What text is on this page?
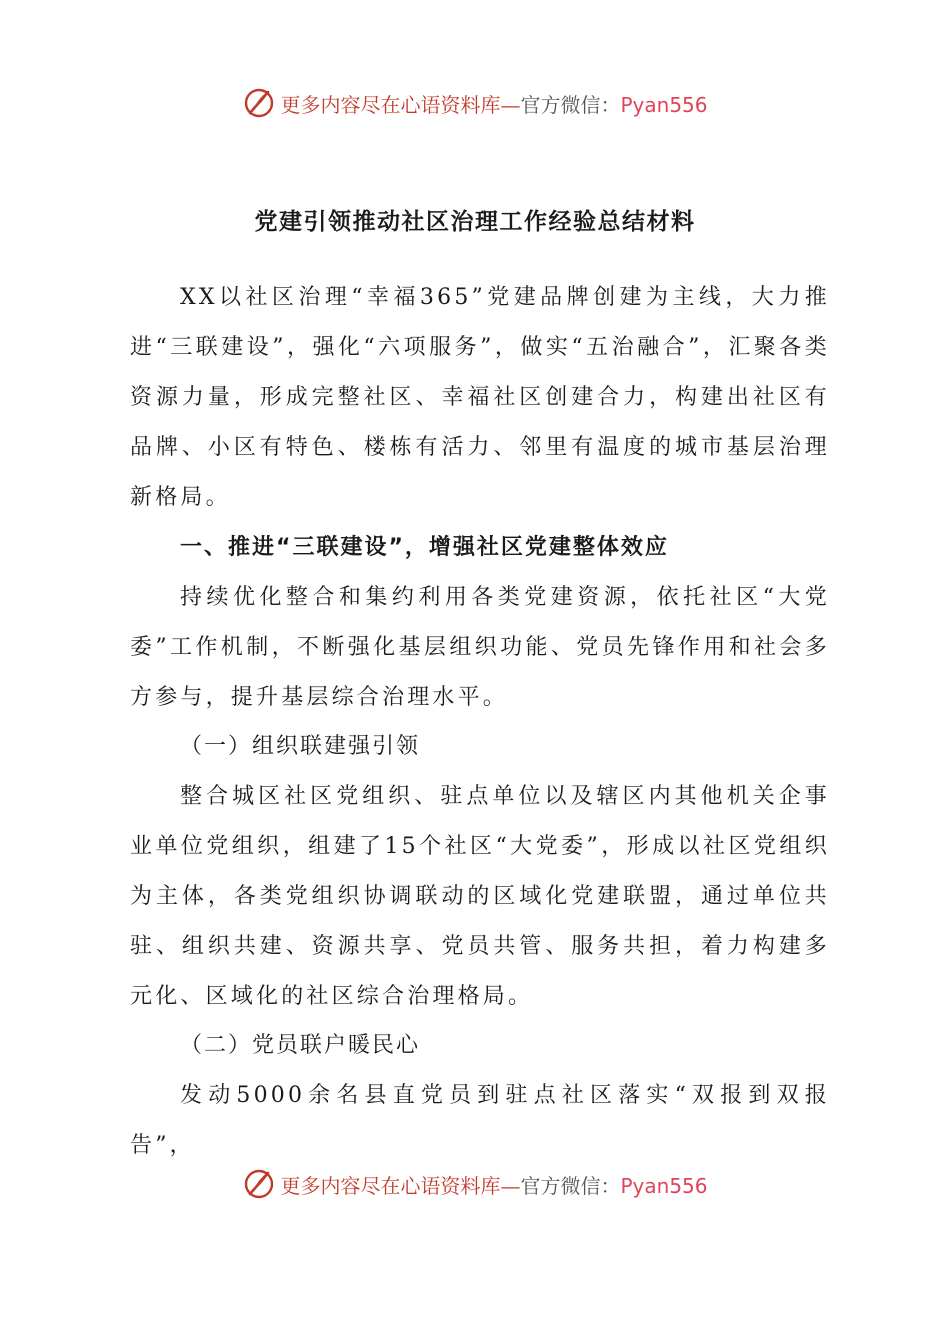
更多内容尽在心语资料库—官方微信：Pyan556
党建引领推动社区治理工作经验总结材料
XX以社区治理“幸福365”党建品牌创建为主线，大力推进“三联建设”，强化“六项服务”，做实“五治融合”，汇聚各类资源力量，形成完整社区、幸福社区创建合力，构建出社区有品牌、小区有特色、楼栋有活力、邻里有温度的城市基层治理新格局。
一、推进“三联建设”，增强社区党建整体效应
持续优化整合和集约利用各类党建资源，依托社区“大党委”工作机制，不断强化基层组织功能、党员先锋作用和社会多方参与，提升基层综合治理水平。
（一）组织联建强引领
整合城区社区党组织、驻点单位以及辖区内其他机关企事业单位党组织，组建了15个社区“大党委”，形成以社区党组织为主体，各类党组织协调联动的区域化党建联盟，通过单位共驻、组织共建、资源共享、党员共管、服务共担，着力构建多元化、区域化的社区综合治理格局。
（二）党员联户暖民心
发动5000余名县直党员到驻点社区落实“双报到双报告”，
更多内容尽在心语资料库—官方微信：Pyan556
